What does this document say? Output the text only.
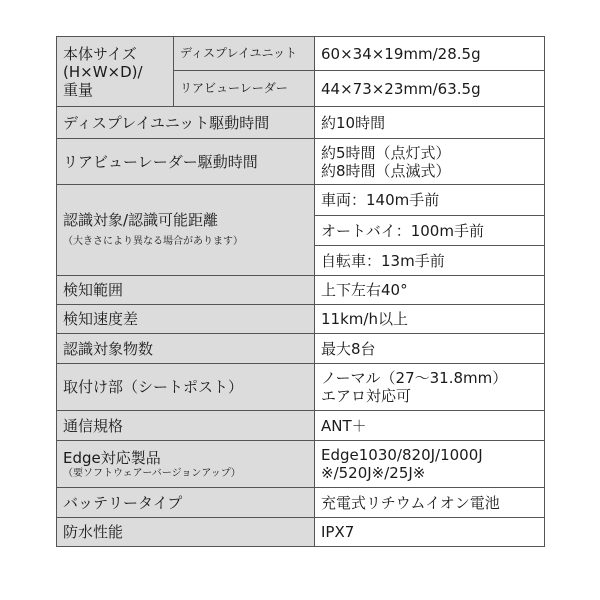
本体サイズ
(H×W×D)/
重量	ディスプレイユニット	60×34×19mm/28.5g
	リアビューレーダー	44×73×23mm/63.5g
ディスプレイユニット駆動時間		約10時間
リアビューレーダー駆動時間		約5時間（点灯式）
約8時間（点滅式）

認識対象/認識可能距離
（大きさにより異なる場合があります）		車両：140m手前
		オートバイ：100m手前
		自転車：13m手前
検知範囲		上下左右40°
検知速度差		11km/h以上
認識対象物数		最大8台
取付け部（シートポスト）		ノーマル（27～31.8mm）
エアロ対応可

通信規格		ANT＋

Edge対応製品
（要ソフトウェアーバージョンアップ）		Edge1030/820J/1000J
※/520J※/25J※

バッテリータイプ		充電式リチウムイオン電池
防水性能		IPX7
